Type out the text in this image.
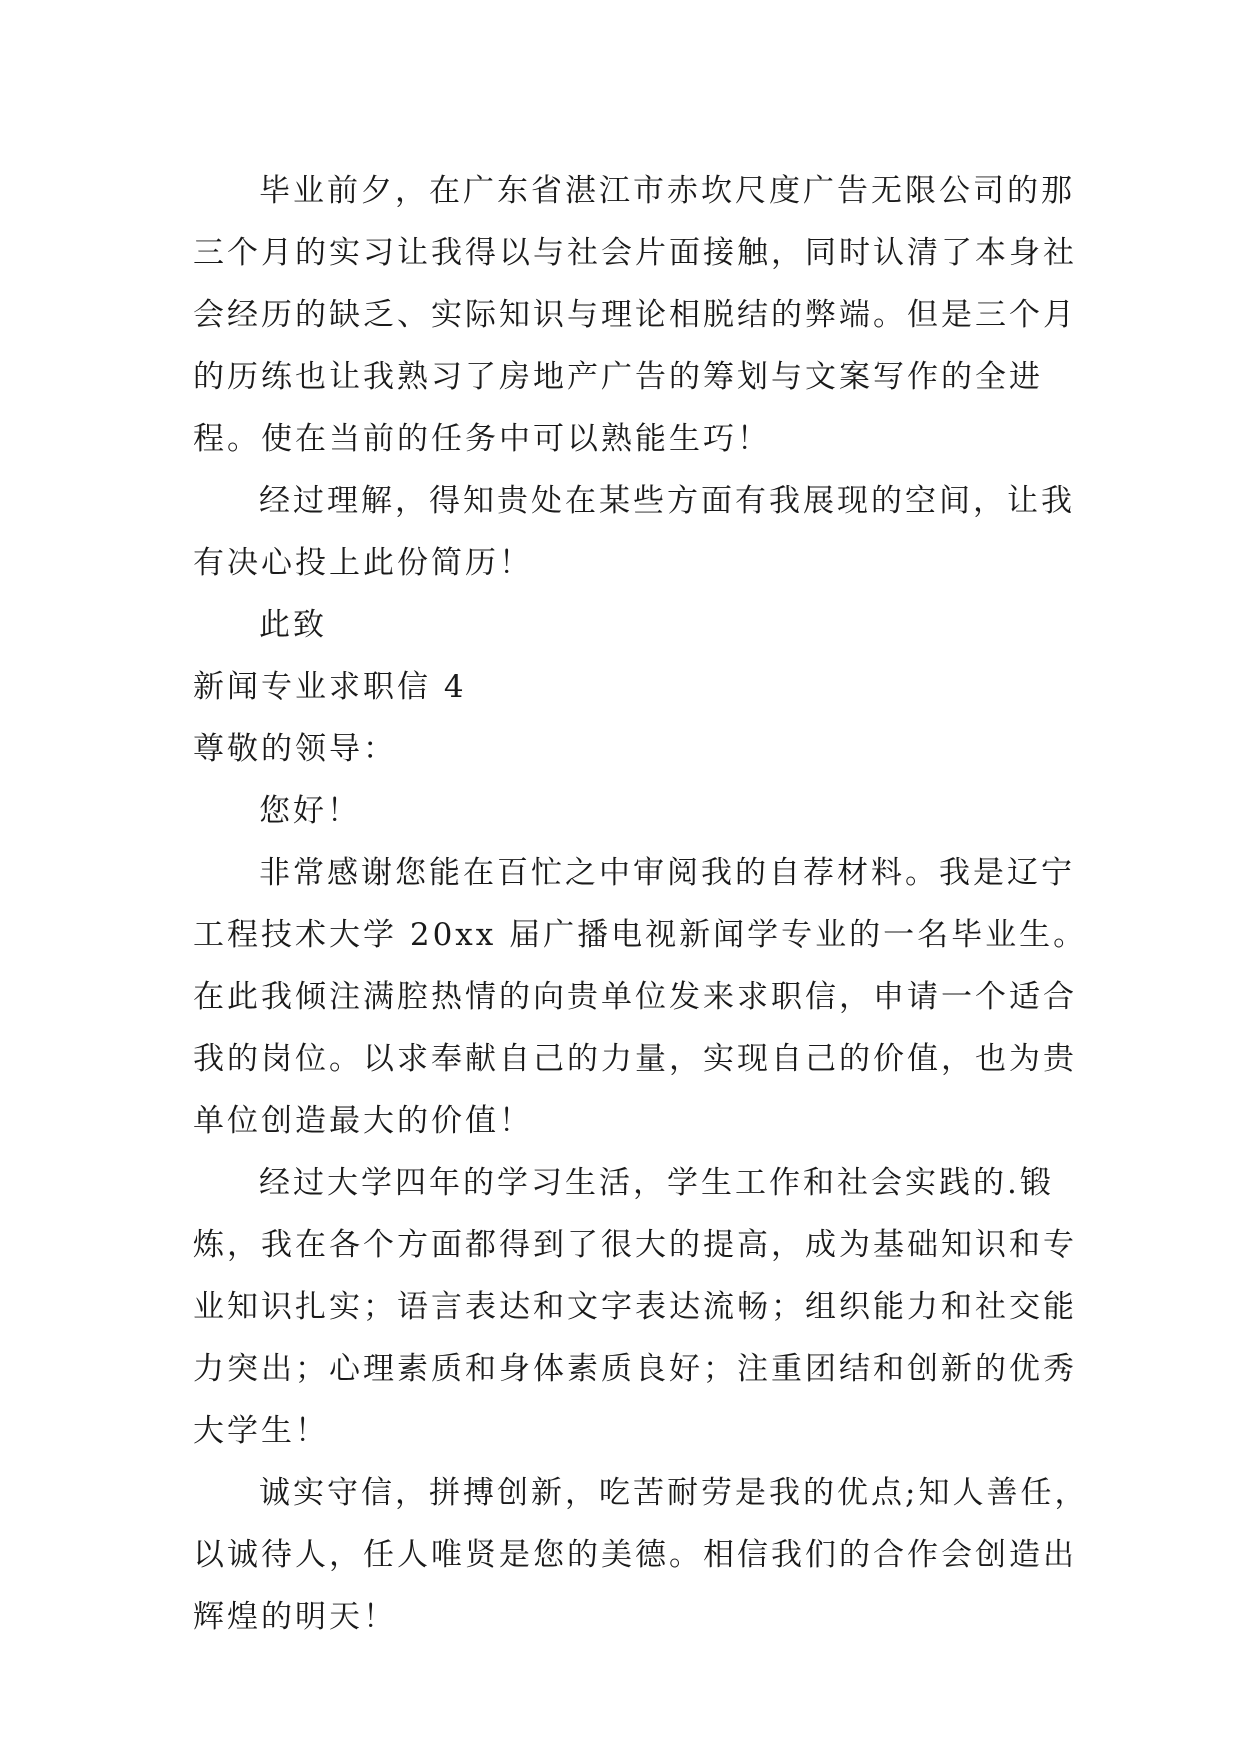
毕业前夕，在广东省湛江市赤坎尺度广告无限公司的那
三个月的实习让我得以与社会片面接触，同时认清了本身社
会经历的缺乏、实际知识与理论相脱结的弊端。但是三个月
的历练也让我熟习了房地产广告的筹划与文案写作的全进
程。使在当前的任务中可以熟能生巧！
经过理解，得知贵处在某些方面有我展现的空间，让我
有决心投上此份简历！
此致
新闻专业求职信 4
尊敬的领导：
您好！
非常感谢您能在百忙之中审阅我的自荐材料。我是辽宁
工程技术大学 20xx 届广播电视新闻学专业的一名毕业生。
在此我倾注满腔热情的向贵单位发来求职信，申请一个适合
我的岗位。以求奉献自己的力量，实现自己的价值，也为贵
单位创造最大的价值！
经过大学四年的学习生活，学生工作和社会实践的.锻
炼，我在各个方面都得到了很大的提高，成为基础知识和专
业知识扎实；语言表达和文字表达流畅；组织能力和社交能
力突出；心理素质和身体素质良好；注重团结和创新的优秀
大学生！
诚实守信，拼搏创新，吃苦耐劳是我的优点;知人善任，
以诚待人，任人唯贤是您的美德。相信我们的合作会创造出
辉煌的明天！
